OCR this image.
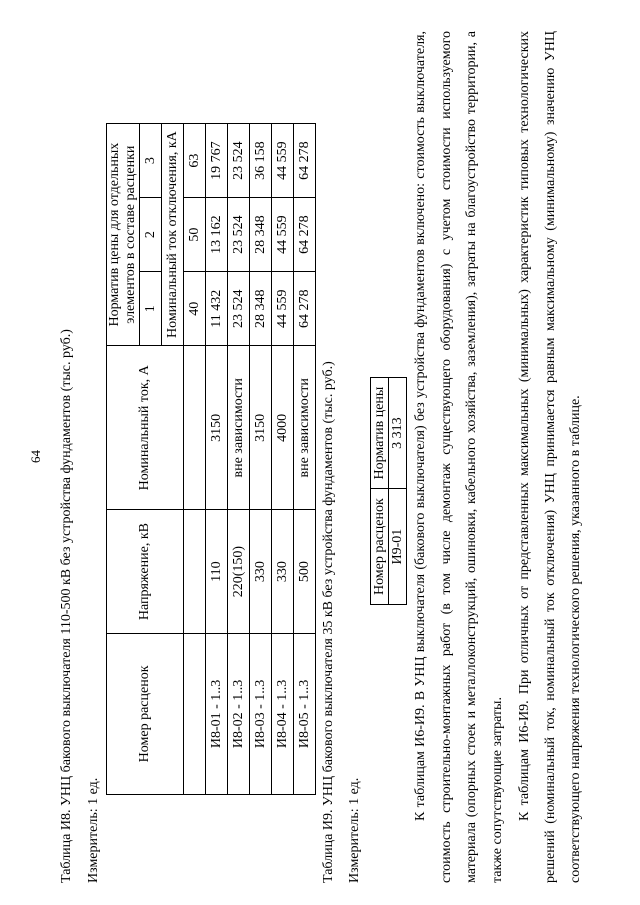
64 Таблица И8. УНЦ бакового выключателя 110-500 кВ без устройства фундаментов (тыс. руб.) Измеритель: 1 ед.
Номер расценок	Напряжение, кВ	Номинальный ток, А	Норматив цены для отдельных элементов в составе расценки		
			1	2	3
			Номинальный ток отключения, кА		
			40	50	63
И8-01 - 1..3	110	3150	11 432	13 162	19 767
И8-02 - 1..3	220(150)	вне зависимости	23 524	23 524	23 524
И8-03 - 1..3	330	3150	28 348	28 348	36 158
И8-04 - 1..3	330	4000	44 559	44 559	44 559
И8-05 - 1..3	500	вне зависимости	64 278	64 278	64 278
Таблица И9. УНЦ бакового выключателя 35 кВ без устройства фундаментов (тыс. руб.) Измеритель: 1 ед.
Номер расценок	Норматив цены
И9-01	3 313 К таблицам И6-И9. В УНЦ выключателя (бакового выключателя) без устройства фундаментов включено: стоимость выключателя, стоимость строительно-монтажных работ (в том числе демонтаж существующего оборудования) с учетом стоимости используемого материала (опорных стоек и металлоконструкций, ошиновки, кабельного хозяйства, заземления), затраты на благоустройство территории, а также сопутствующие затраты. К таблицам И6-И9. При отличных от представленных максимальных (минимальных) характеристик типовых технологических решений (номинальный ток, номинальный ток отключения) УНЦ принимается равным максимальному (минимальному) значению УНЦ соответствующего напряжения технологического решения, указанного в таблице.
